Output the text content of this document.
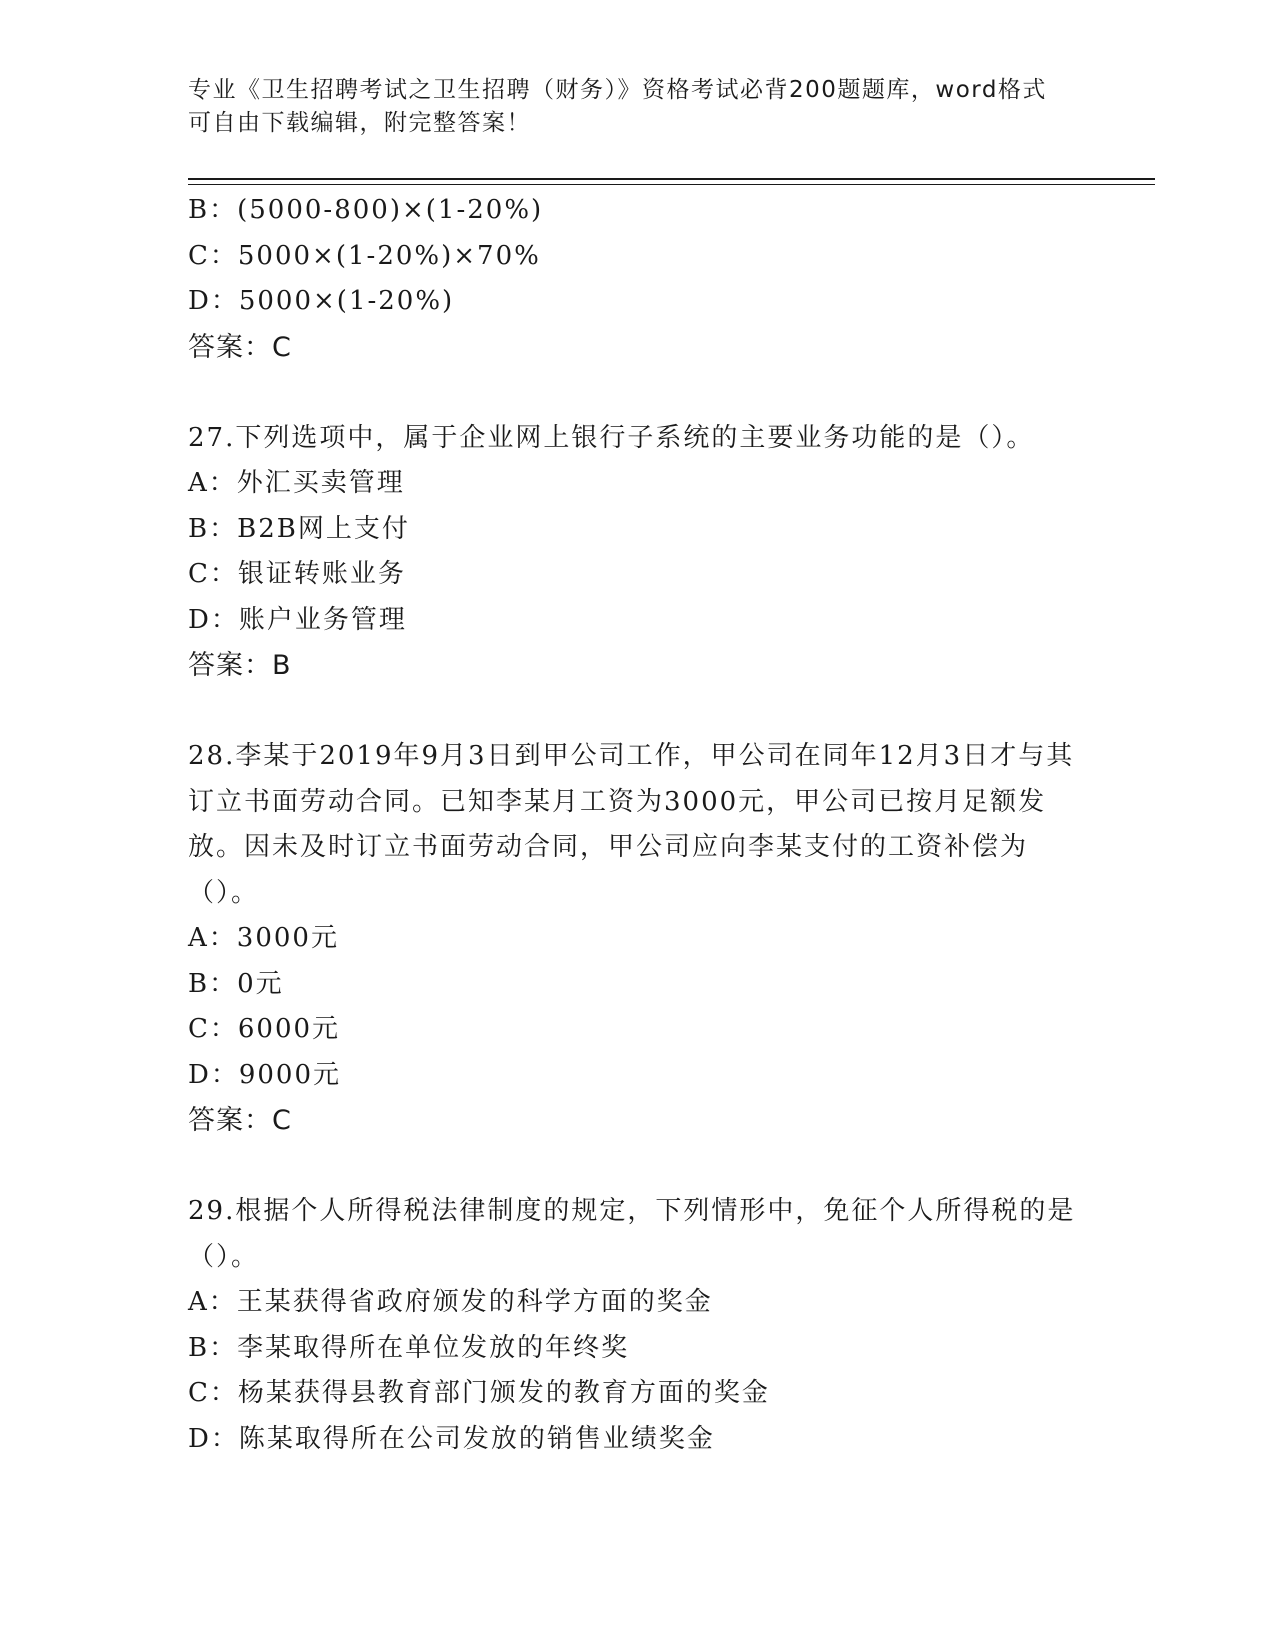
专业《卫生招聘考试之卫生招聘（财务）》资格考试必背200题题库，word格式
可自由下载编辑，附完整答案！
B：(5000-800)×(1-20%)
C：5000×(1-20%)×70%
D：5000×(1-20%)
答案：C
27.下列选项中，属于企业网上银行子系统的主要业务功能的是（）。
A：外汇买卖管理
B：B2B网上支付
C：银证转账业务
D：账户业务管理
答案：B
28.李某于2019年9月3日到甲公司工作，甲公司在同年12月3日才与其订立书面劳动合同。已知李某月工资为3000元，甲公司已按月足额发放。因未及时订立书面劳动合同，甲公司应向李某支付的工资补偿为（）。
A：3000元
B：0元
C：6000元
D：9000元
答案：C
29.根据个人所得税法律制度的规定，下列情形中，免征个人所得税的是（）。
A：王某获得省政府颁发的科学方面的奖金
B：李某取得所在单位发放的年终奖
C：杨某获得县教育部门颁发的教育方面的奖金
D：陈某取得所在公司发放的销售业绩奖金
